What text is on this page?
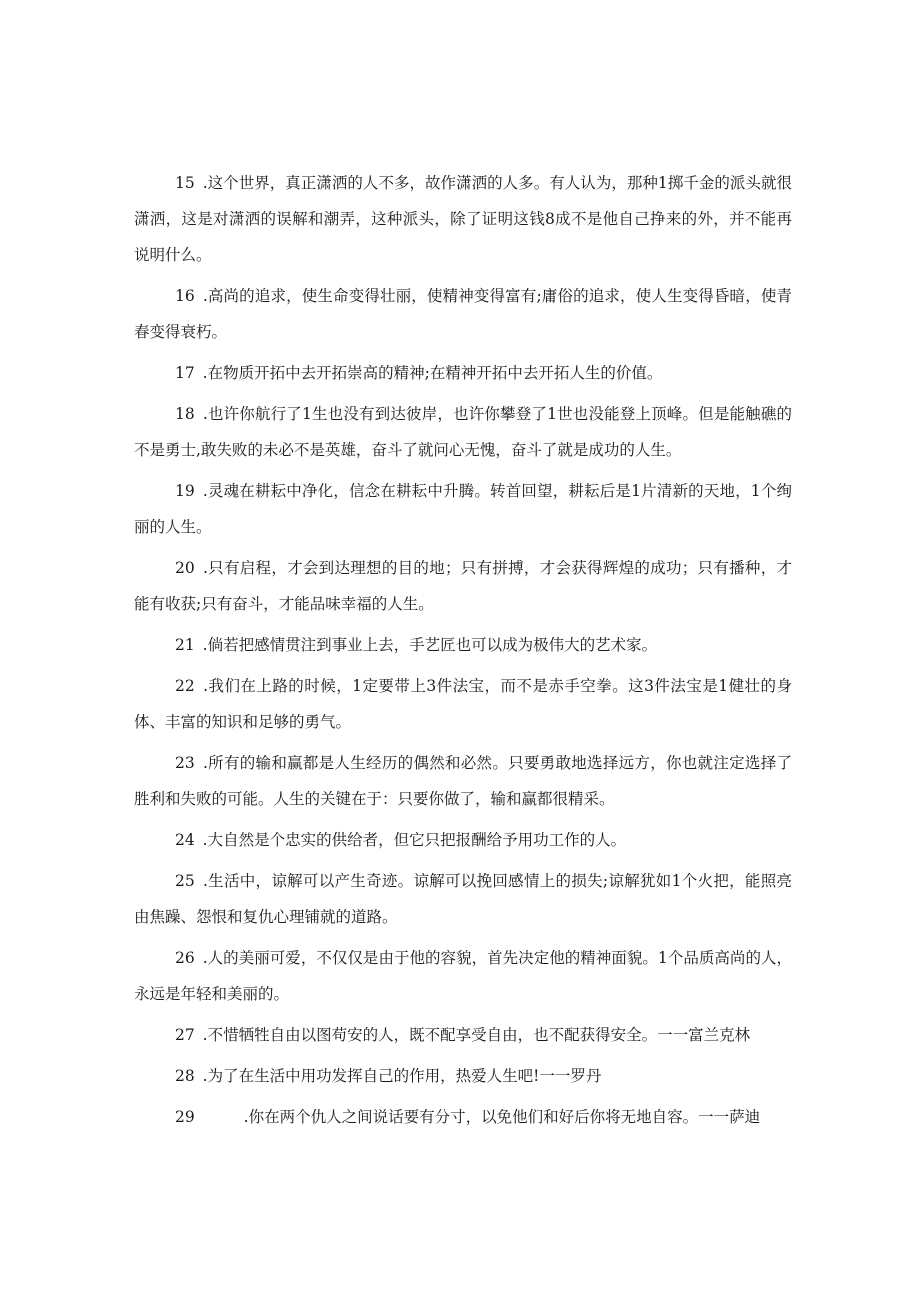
15 .这个世界，真正潇洒的人不多，故作潇洒的人多。有人认为，那种1掷千金的派头就很潇洒，这是对潇洒的误解和潮弄，这种派头，除了证明这钱8成不是他自己挣来的外，并不能再说明什么。

16 .高尚的追求，使生命变得壮丽，使精神变得富有;庸俗的追求，使人生变得昏暗，使青春变得衰朽。

17 .在物质开拓中去开拓崇高的精神;在精神开拓中去开拓人生的价值。

18 .也许你航行了1生也没有到达彼岸，也许你攀登了1世也没能登上顶峰。但是能触礁的不是勇士,敢失败的未必不是英雄，奋斗了就问心无愧，奋斗了就是成功的人生。

19 .灵魂在耕耘中净化，信念在耕耘中升腾。转首回望，耕耘后是1片清新的天地，1个绚丽的人生。

20 .只有启程，才会到达理想的目的地；只有拼搏，才会获得辉煌的成功；只有播种，才能有收获;只有奋斗，才能品味幸福的人生。

21 .倘若把感情贯注到事业上去，手艺匠也可以成为极伟大的艺术家。

22 .我们在上路的时候，1定要带上3件法宝，而不是赤手空拳。这3件法宝是1健壮的身体、丰富的知识和足够的勇气。

23 .所有的输和赢都是人生经历的偶然和必然。只要勇敢地选择远方，你也就注定选择了胜利和失败的可能。人生的关键在于：只要你做了，输和赢都很精采。

24 .大自然是个忠实的供给者，但它只把报酬给予用功工作的人。

25 .生活中，谅解可以产生奇迹。谅解可以挽回感情上的损失;谅解犹如1个火把，能照亮由焦躁、怨恨和复仇心理铺就的道路。

26 .人的美丽可爱，不仅仅是由于他的容貌，首先决定他的精神面貌。1个品质高尚的人，永远是年轻和美丽的。

27 .不惜牺牲自由以图苟安的人，既不配享受自由，也不配获得安全。一一富兰克林

28 .为了在生活中用功发挥自己的作用，热爱人生吧!一一罗丹

29	.你在两个仇人之间说话要有分寸，以免他们和好后你将无地自容。一一萨迪
